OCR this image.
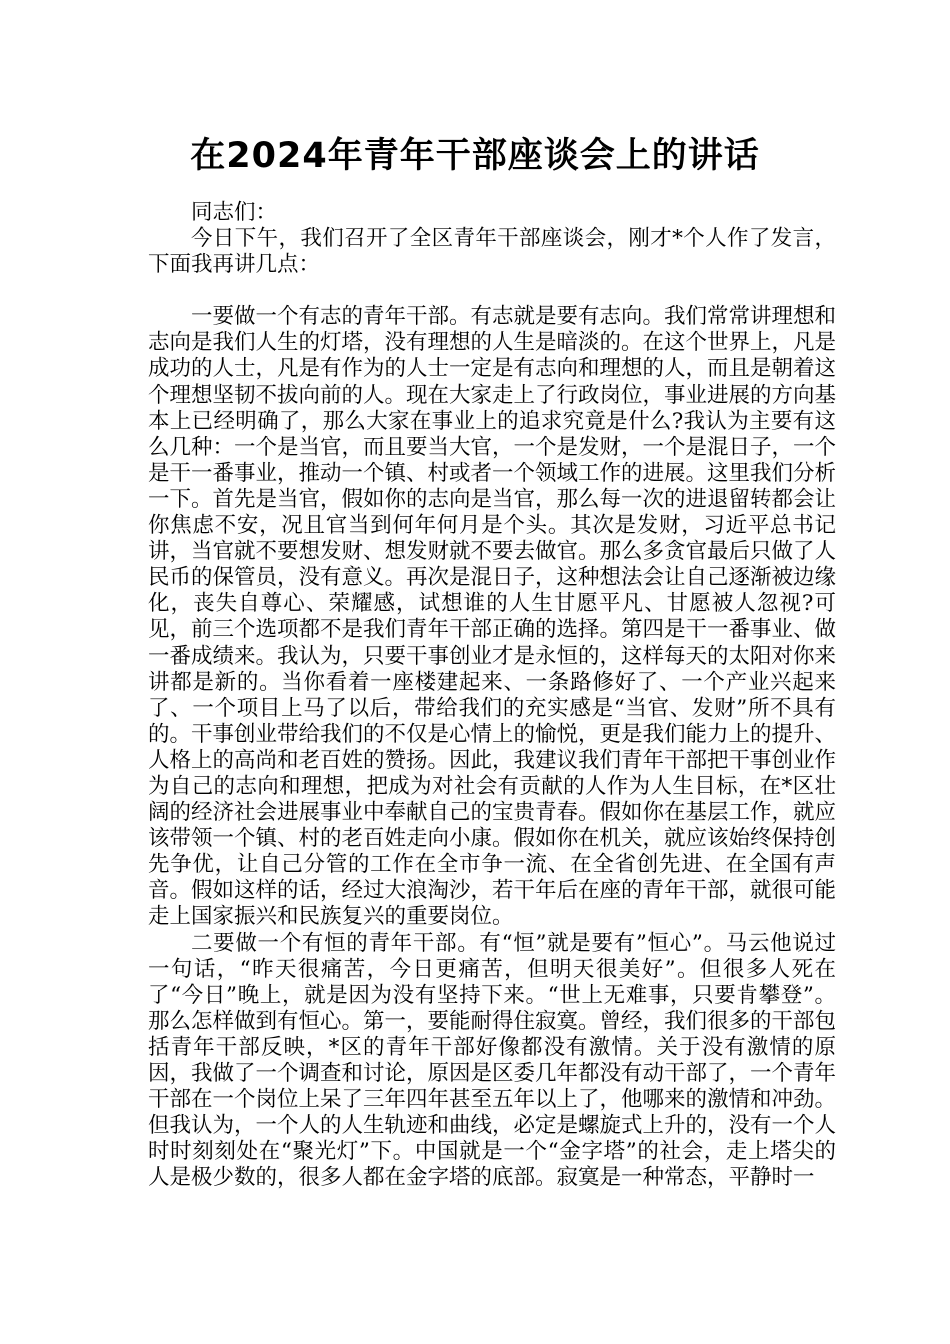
在2024年青年干部座谈会上的讲话

同志们：

今日下午，我们召开了全区青年干部座谈会，刚才*个人作了发言，下面我再讲几点：

一要做一个有志的青年干部。有志就是要有志向。我们常常讲理想和志向是我们人生的灯塔，没有理想的人生是暗淡的。在这个世界上，凡是成功的人士，凡是有作为的人士一定是有志向和理想的人，而且是朝着这个理想坚韧不拔向前的人。现在大家走上了行政岗位，事业进展的方向基本上已经明确了，那么大家在事业上的追求究竟是什么?我认为主要有这么几种：一个是当官，而且要当大官，一个是发财，一个是混日子，一个是干一番事业，推动一个镇、村或者一个领域工作的进展。这里我们分析一下。首先是当官，假如你的志向是当官，那么每一次的进退留转都会让你焦虑不安，况且官当到何年何月是个头。其次是发财，习近平总书记讲，当官就不要想发财、想发财就不要去做官。那么多贪官最后只做了人民币的保管员，没有意义。再次是混日子，这种想法会让自己逐渐被边缘化，丧失自尊心、荣耀感，试想谁的人生甘愿平凡、甘愿被人忽视?可见，前三个选项都不是我们青年干部正确的选择。第四是干一番事业、做一番成绩来。我认为，只要干事创业才是永恒的，这样每天的太阳对你来讲都是新的。当你看着一座楼建起来、一条路修好了、一个产业兴起来了、一个项目上马了以后，带给我们的充实感是“当官、发财”所不具有的。干事创业带给我们的不仅是心情上的愉悦，更是我们能力上的提升、人格上的高尚和老百姓的赞扬。因此，我建议我们青年干部把干事创业作为自己的志向和理想，把成为对社会有贡献的人作为人生目标，在*区壮阔的经济社会进展事业中奉献自己的宝贵青春。假如你在基层工作，就应该带领一个镇、村的老百姓走向小康。假如你在机关，就应该始终保持创先争优，让自己分管的工作在全市争一流、在全省创先进、在全国有声音。假如这样的话，经过大浪淘沙，若干年后在座的青年干部，就很可能走上国家振兴和民族复兴的重要岗位。

二要做一个有恒的青年干部。有“恒”就是要有”恒心”。马云他说过一句话，“昨天很痛苦，今日更痛苦，但明天很美好”。但很多人死在了“今日”晚上，就是因为没有坚持下来。“世上无难事，只要肯攀登”。那么怎样做到有恒心。第一，要能耐得住寂寞。曾经，我们很多的干部包括青年干部反映，*区的青年干部好像都没有激情。关于没有激情的原因，我做了一个调查和讨论，原因是区委几年都没有动干部了，一个青年干部在一个岗位上呆了三年四年甚至五年以上了，他哪来的激情和冲劲。但我认为，一个人的人生轨迹和曲线，必定是螺旋式上升的，没有一个人时时刻刻处在“聚光灯”下。中国就是一个“金字塔”的社会，走上塔尖的人是极少数的，很多人都在金字塔的底部。寂寞是一种常态，平静时一
